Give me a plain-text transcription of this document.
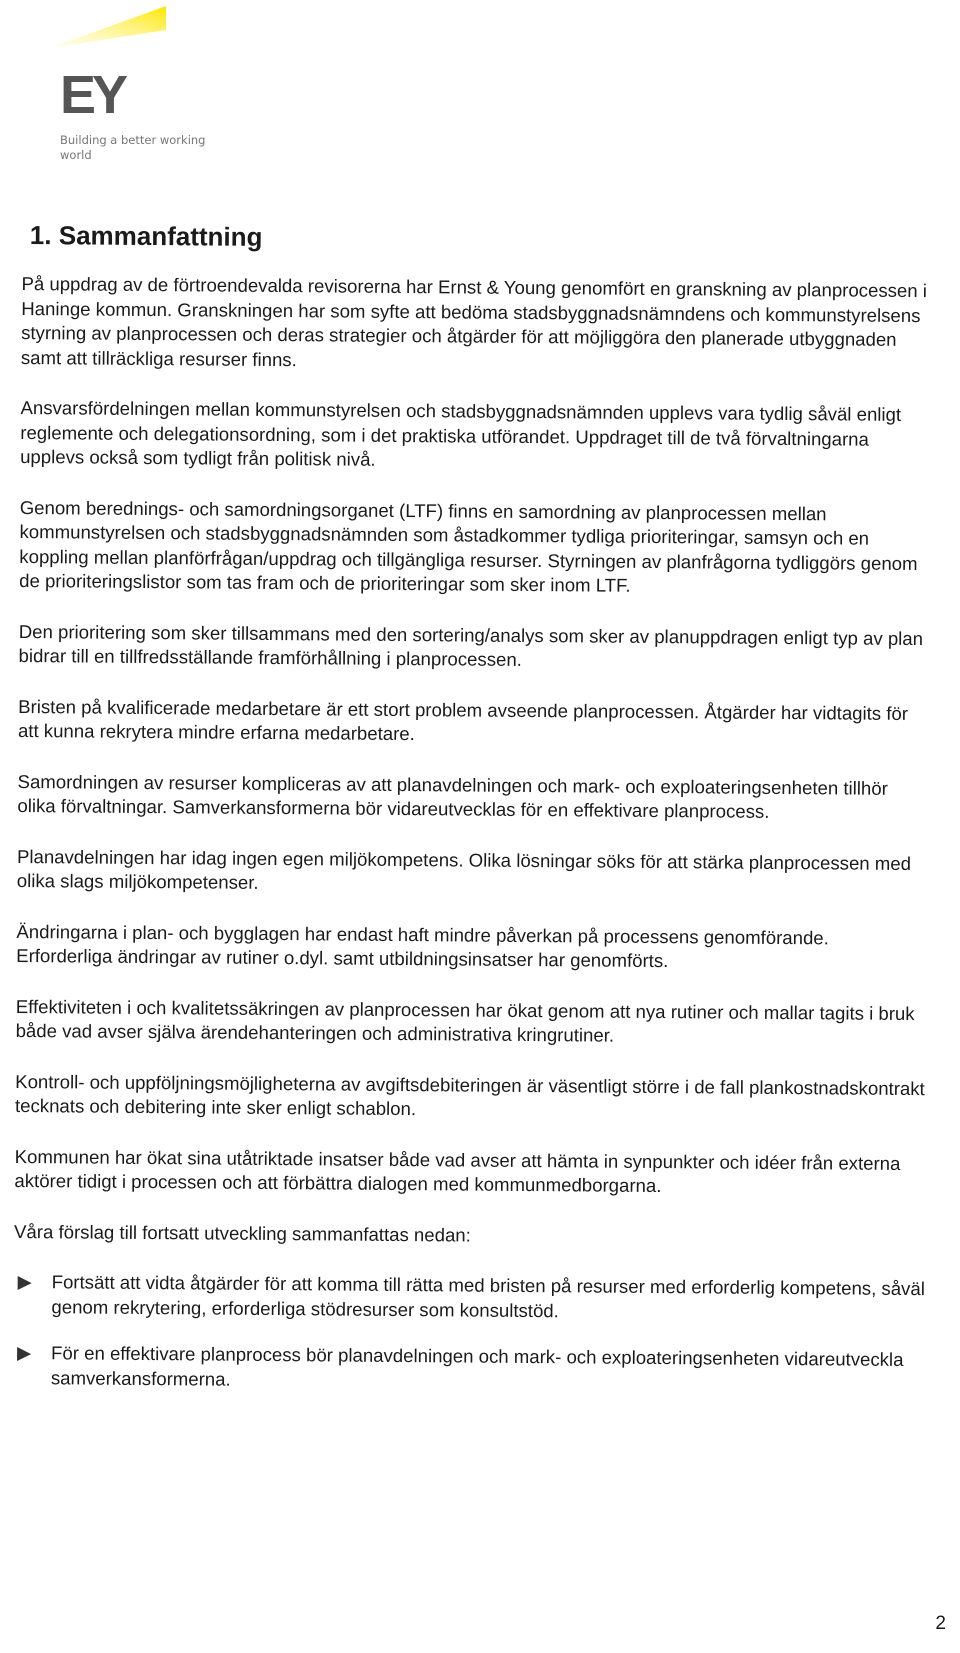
EY
Building a better working world
1. Sammanfattning

På uppdrag av de förtroendevalda revisorerna har Ernst & Young genomfört en granskning av planprocessen i Haninge kommun. Granskningen har som syfte att bedöma stadsbyggnadsnämndens och kommunstyrelsens styrning av planprocessen och deras strategier och åtgärder för att möjliggöra den planerade utbyggnaden samt att tillräckliga resurser finns.

Ansvarsfördelningen mellan kommunstyrelsen och stadsbyggnadsnämnden upplevs vara tydlig såväl enligt reglemente och delegationsordning, som i det praktiska utförandet. Uppdraget till de två förvaltningarna upplevs också som tydligt från politisk nivå.

Genom berednings- och samordningsorganet (LTF) finns en samordning av planprocessen mellan kommunstyrelsen och stadsbyggnadsnämnden som åstadkommer tydliga prioriteringar, samsyn och en koppling mellan planförfrågan/uppdrag och tillgängliga resurser. Styrningen av planfrågorna tydliggörs genom de prioriteringslistor som tas fram och de prioriteringar som sker inom LTF.

Den prioritering som sker tillsammans med den sortering/analys som sker av planuppdragen enligt typ av plan bidrar till en tillfredsställande framförhållning i planprocessen.

Bristen på kvalificerade medarbetare är ett stort problem avseende planprocessen. Åtgärder har vidtagits för att kunna rekrytera mindre erfarna medarbetare.

Samordningen av resurser kompliceras av att planavdelningen och mark- och exploateringsenheten tillhör olika förvaltningar. Samverkansformerna bör vidareutvecklas för en effektivare planprocess.

Planavdelningen har idag ingen egen miljökompetens. Olika lösningar söks för att stärka planprocessen med olika slags miljökompetenser.

Ändringarna i plan- och bygglagen har endast haft mindre påverkan på processens genomförande. Erforderliga ändringar av rutiner o.dyl. samt utbildningsinsatser har genomförts.

Effektiviteten i och kvalitetssäkringen av planprocessen har ökat genom att nya rutiner och mallar tagits i bruk både vad avser själva ärendehanteringen och administrativa kringrutiner.

Kontroll- och uppföljningsmöjligheterna av avgiftsdebiteringen är väsentligt större i de fall plankostnadskontrakt tecknats och debitering inte sker enligt schablon.

Kommunen har ökat sina utåtriktade insatser både vad avser att hämta in synpunkter och idéer från externa aktörer tidigt i processen och att förbättra dialogen med kommunmedborgarna.

Våra förslag till fortsatt utveckling sammanfattas nedan:

Fortsätt att vidta åtgärder för att komma till rätta med bristen på resurser med erforderlig kompetens, såväl genom rekrytering, erforderliga stödresurser som konsultstöd.
För en effektivare planprocess bör planavdelningen och mark- och exploateringsenheten vidareutveckla samverkansformerna.
2
